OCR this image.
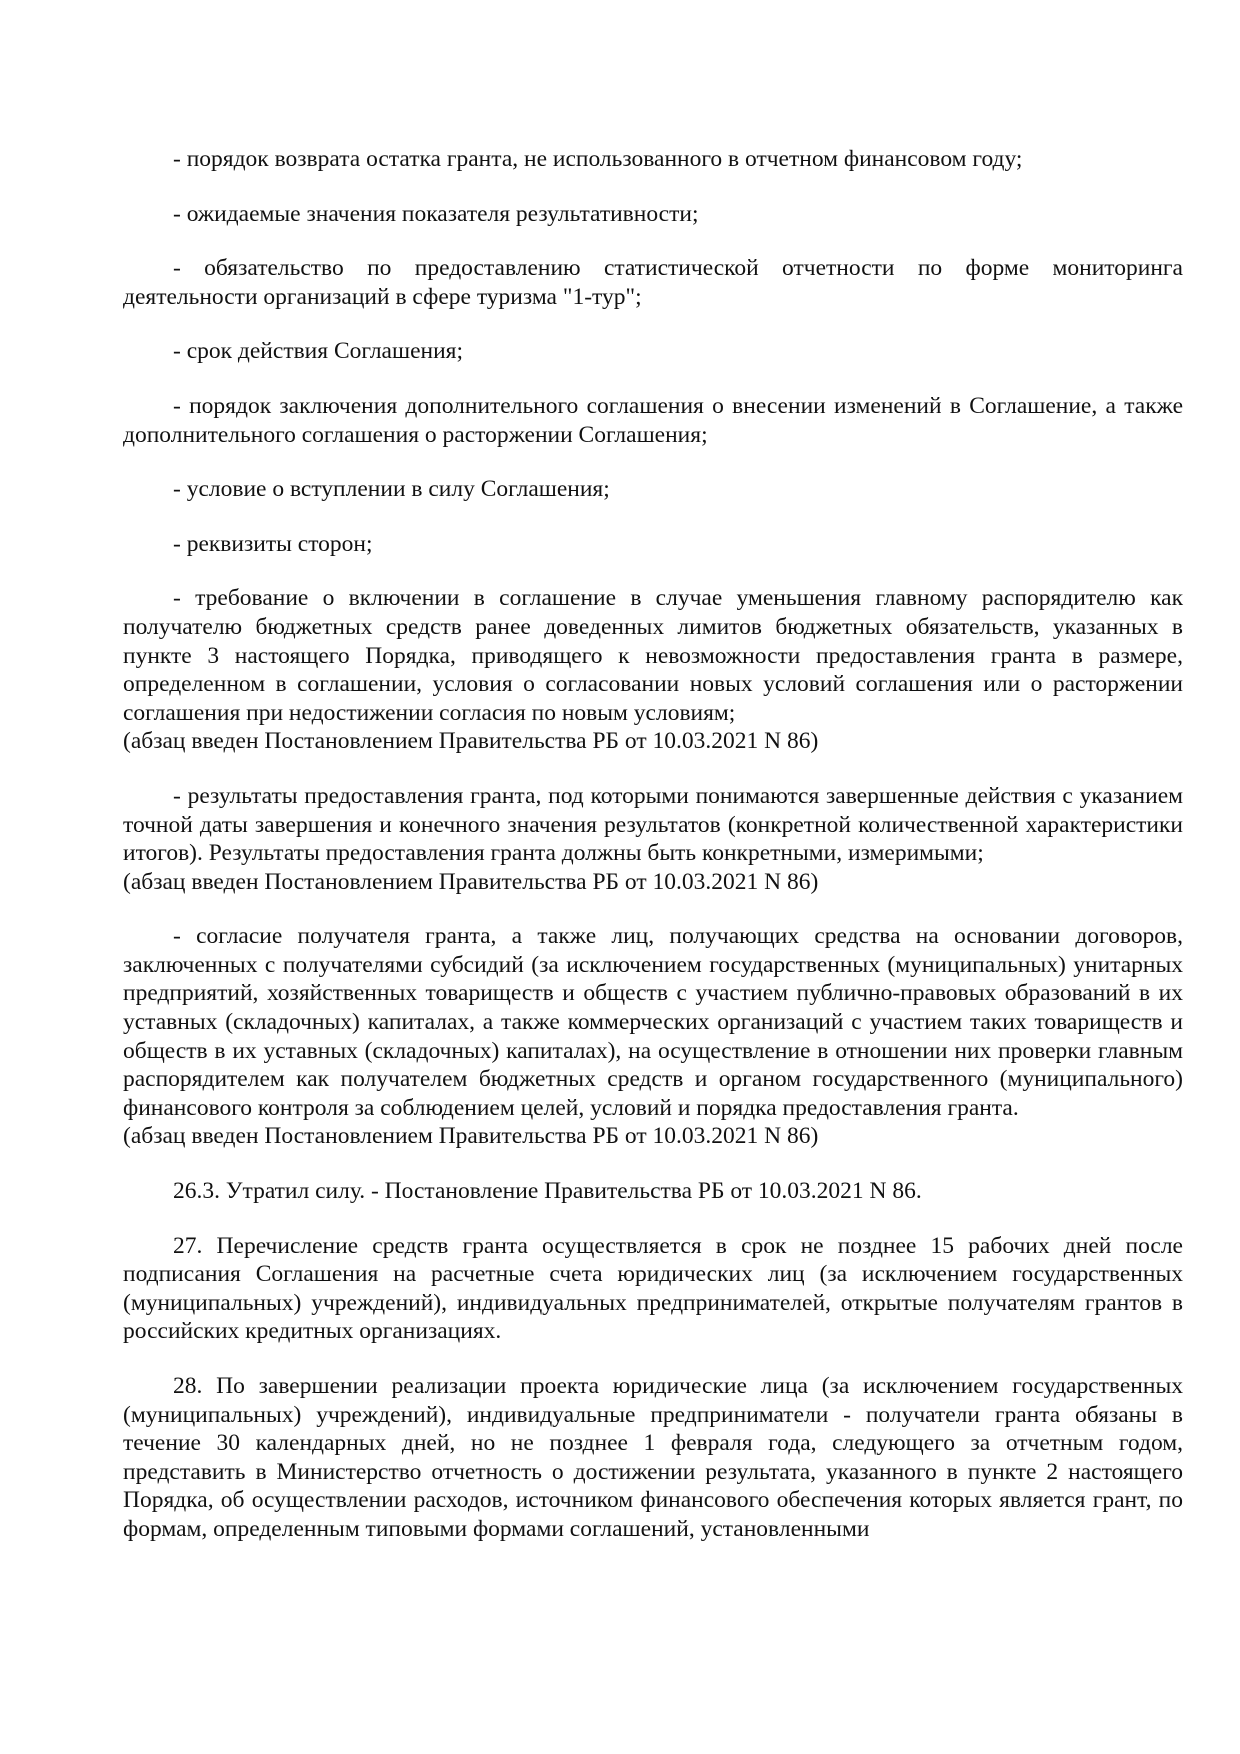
- порядок возврата остатка гранта, не использованного в отчетном финансовом году;

- ожидаемые значения показателя результативности;

- обязательство по предоставлению статистической отчетности по форме мониторинга деятельности организаций в сфере туризма "1-тур";

- срок действия Соглашения;

- порядок заключения дополнительного соглашения о внесении изменений в Соглашение, а также дополнительного соглашения о расторжении Соглашения;

- условие о вступлении в силу Соглашения;

- реквизиты сторон;

- требование о включении в соглашение в случае уменьшения главному распорядителю как получателю бюджетных средств ранее доведенных лимитов бюджетных обязательств, указанных в пункте 3 настоящего Порядка, приводящего к невозможности предоставления гранта в размере, определенном в соглашении, условия о согласовании новых условий соглашения или о расторжении соглашения при недостижении согласия по новым условиям;

(абзац введен Постановлением Правительства РБ от 10.03.2021 N 86)

- результаты предоставления гранта, под которыми понимаются завершенные действия с указанием точной даты завершения и конечного значения результатов (конкретной количественной характеристики итогов). Результаты предоставления гранта должны быть конкретными, измеримыми;

(абзац введен Постановлением Правительства РБ от 10.03.2021 N 86)

- согласие получателя гранта, а также лиц, получающих средства на основании договоров, заключенных с получателями субсидий (за исключением государственных (муниципальных) унитарных предприятий, хозяйственных товариществ и обществ с участием публично-правовых образований в их уставных (складочных) капиталах, а также коммерческих организаций с участием таких товариществ и обществ в их уставных (складочных) капиталах), на осуществление в отношении них проверки главным распорядителем как получателем бюджетных средств и органом государственного (муниципального) финансового контроля за соблюдением целей, условий и порядка предоставления гранта.

(абзац введен Постановлением Правительства РБ от 10.03.2021 N 86)

26.3. Утратил силу. - Постановление Правительства РБ от 10.03.2021 N 86.

27. Перечисление средств гранта осуществляется в срок не позднее 15 рабочих дней после подписания Соглашения на расчетные счета юридических лиц (за исключением государственных (муниципальных) учреждений), индивидуальных предпринимателей, открытые получателям грантов в российских кредитных организациях.

28. По завершении реализации проекта юридические лица (за исключением государственных (муниципальных) учреждений), индивидуальные предприниматели - получатели гранта обязаны в течение 30 календарных дней, но не позднее 1 февраля года, следующего за отчетным годом, представить в Министерство отчетность о достижении результата, указанного в пункте 2 настоящего Порядка, об осуществлении расходов, источником финансового обеспечения которых является грант, по формам, определенным типовыми формами соглашений, установленными
